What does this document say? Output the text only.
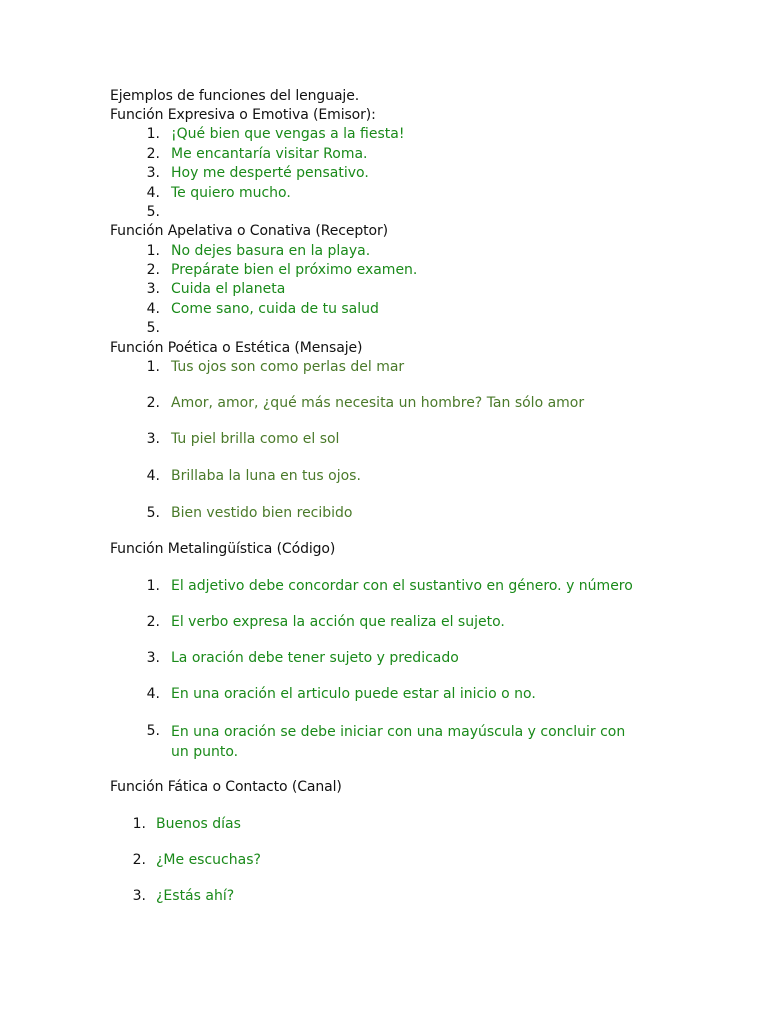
Ejemplos de funciones del lenguaje.
Función Expresiva o Emotiva (Emisor):
1. ¡Qué bien que vengas a la fiesta!
2. Me encantaría visitar Roma.
3. Hoy me desperté pensativo.
4. Te quiero mucho.
5.
Función Apelativa o Conativa (Receptor)
1. No dejes basura en la playa.
2. Prepárate bien el próximo examen.
3. Cuida el planeta
4. Come sano, cuida de tu salud
5.
Función Poética o Estética (Mensaje)
1. Tus ojos son como perlas del mar
2. Amor, amor, ¿qué más necesita un hombre? Tan sólo amor
3. Tu piel brilla como el sol
4. Brillaba la luna en tus ojos.
5. Bien vestido bien recibido
Función Metalingüística (Código)
1. El adjetivo debe concordar con el sustantivo en género. y número
2. El verbo expresa la acción que realiza el sujeto.
3. La oración debe tener sujeto y predicado
4. En una oración el articulo puede estar al inicio o no.
5. En una oración se debe iniciar con una mayúscula y concluir con un punto.
Función Fática o Contacto (Canal)
1. Buenos días
2. ¿Me escuchas?
3. ¿Estás ahí?
